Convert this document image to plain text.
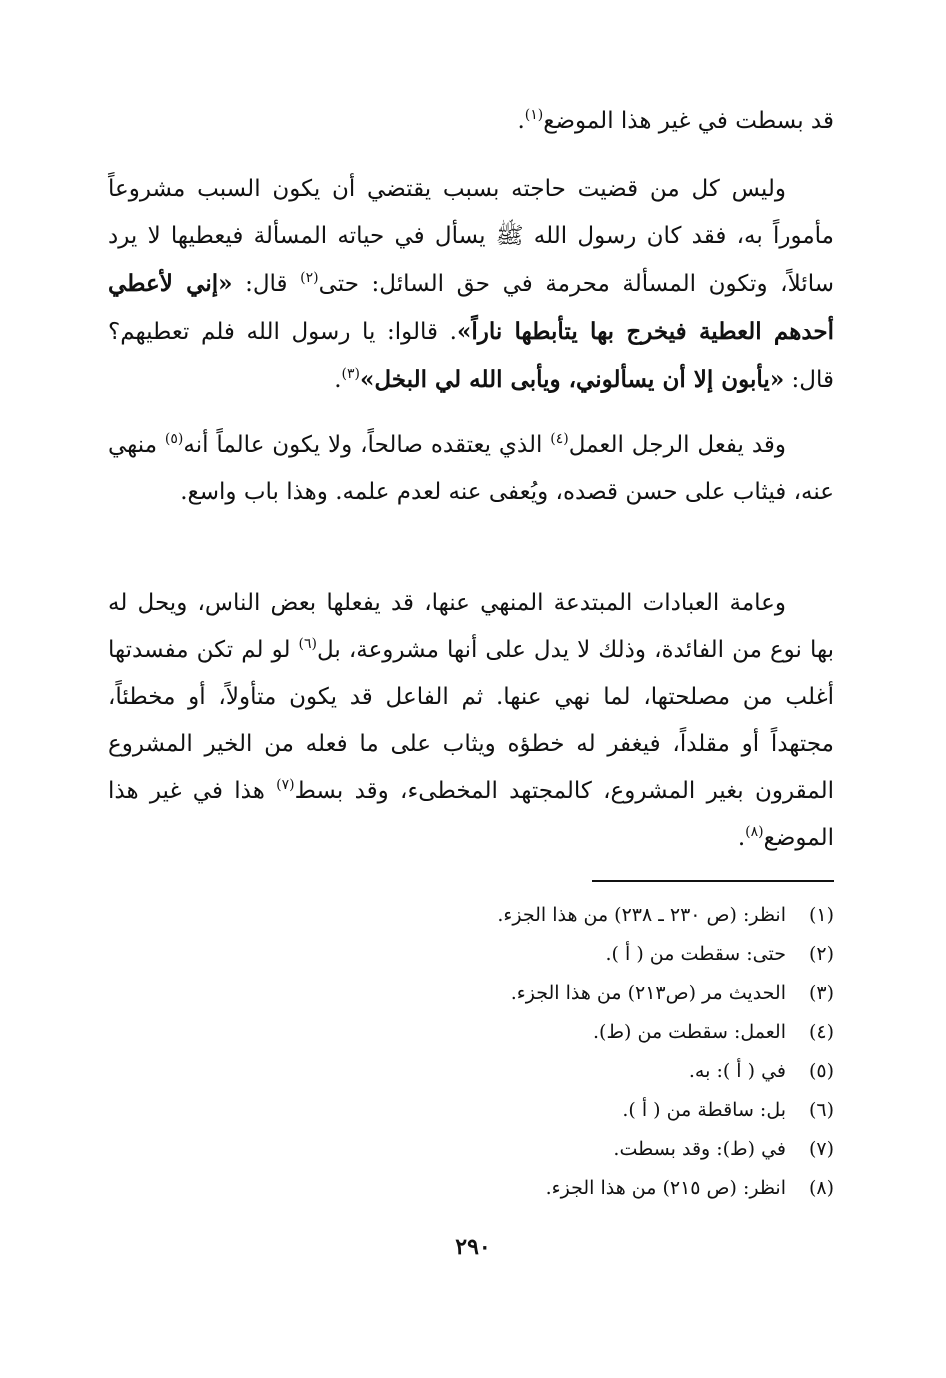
قد بسطت في غير هذا الموضع$^{(١)}$.

وليس كل من قضيت حاجته بسبب يقتضي أن يكون السبب مشروعاً مأموراً به، فقد كان رسول الله ﷺ يسأل في حياته المسألة فيعطيها لا يرد سائلاً، وتكون المسألة محرمة في حق السائل: حتى$^{(٢)}$ قال: «إني لأعطي أحدهم العطية فيخرج بها يتأبطها ناراً». قالوا: يا رسول الله فلم تعطيهم؟ قال: «يأبون إلا أن يسألوني، ويأبى الله لي البخل»$^{(٣)}$.

وقد يفعل الرجل العمل$^{(٤)}$ الذي يعتقده صالحاً، ولا يكون عالماً أنه$^{(٥)}$ منهي عنه، فيثاب على حسن قصده، ويُعفى عنه لعدم علمه. وهذا باب واسع.

وعامة العبادات المبتدعة المنهي عنها، قد يفعلها بعض الناس، ويحل له بها نوع من الفائدة، وذلك لا يدل على أنها مشروعة، بل$^{(٦)}$ لو لم تكن مفسدتها أغلب من مصلحتها، لما نهي عنها. ثم الفاعل قد يكون متأولاً، أو مخطئاً، مجتهداً أو مقلداً، فيغفر له خطؤه ويثاب على ما فعله من الخير المشروع المقرون بغير المشروع، كالمجتهد المخطىء، وقد بسط$^{(٧)}$ هذا في غير هذا الموضع$^{(٨)}$.

(١)
انظر: (ص ٢٣٠ ـ ٢٣٨) من هذا الجزء.
(٢)
حتى: سقطت من ( أ ).
(٣)
الحديث مر (ص٢١٣) من هذا الجزء.
(٤)
العمل: سقطت من (ط).
(٥)
في ( أ ): به.
(٦)
بل: ساقطة من ( أ ).
(٧)
في (ط): وقد بسطت.
(٨)
انظر: (ص ٢١٥) من هذا الجزء.
٢٩٠
